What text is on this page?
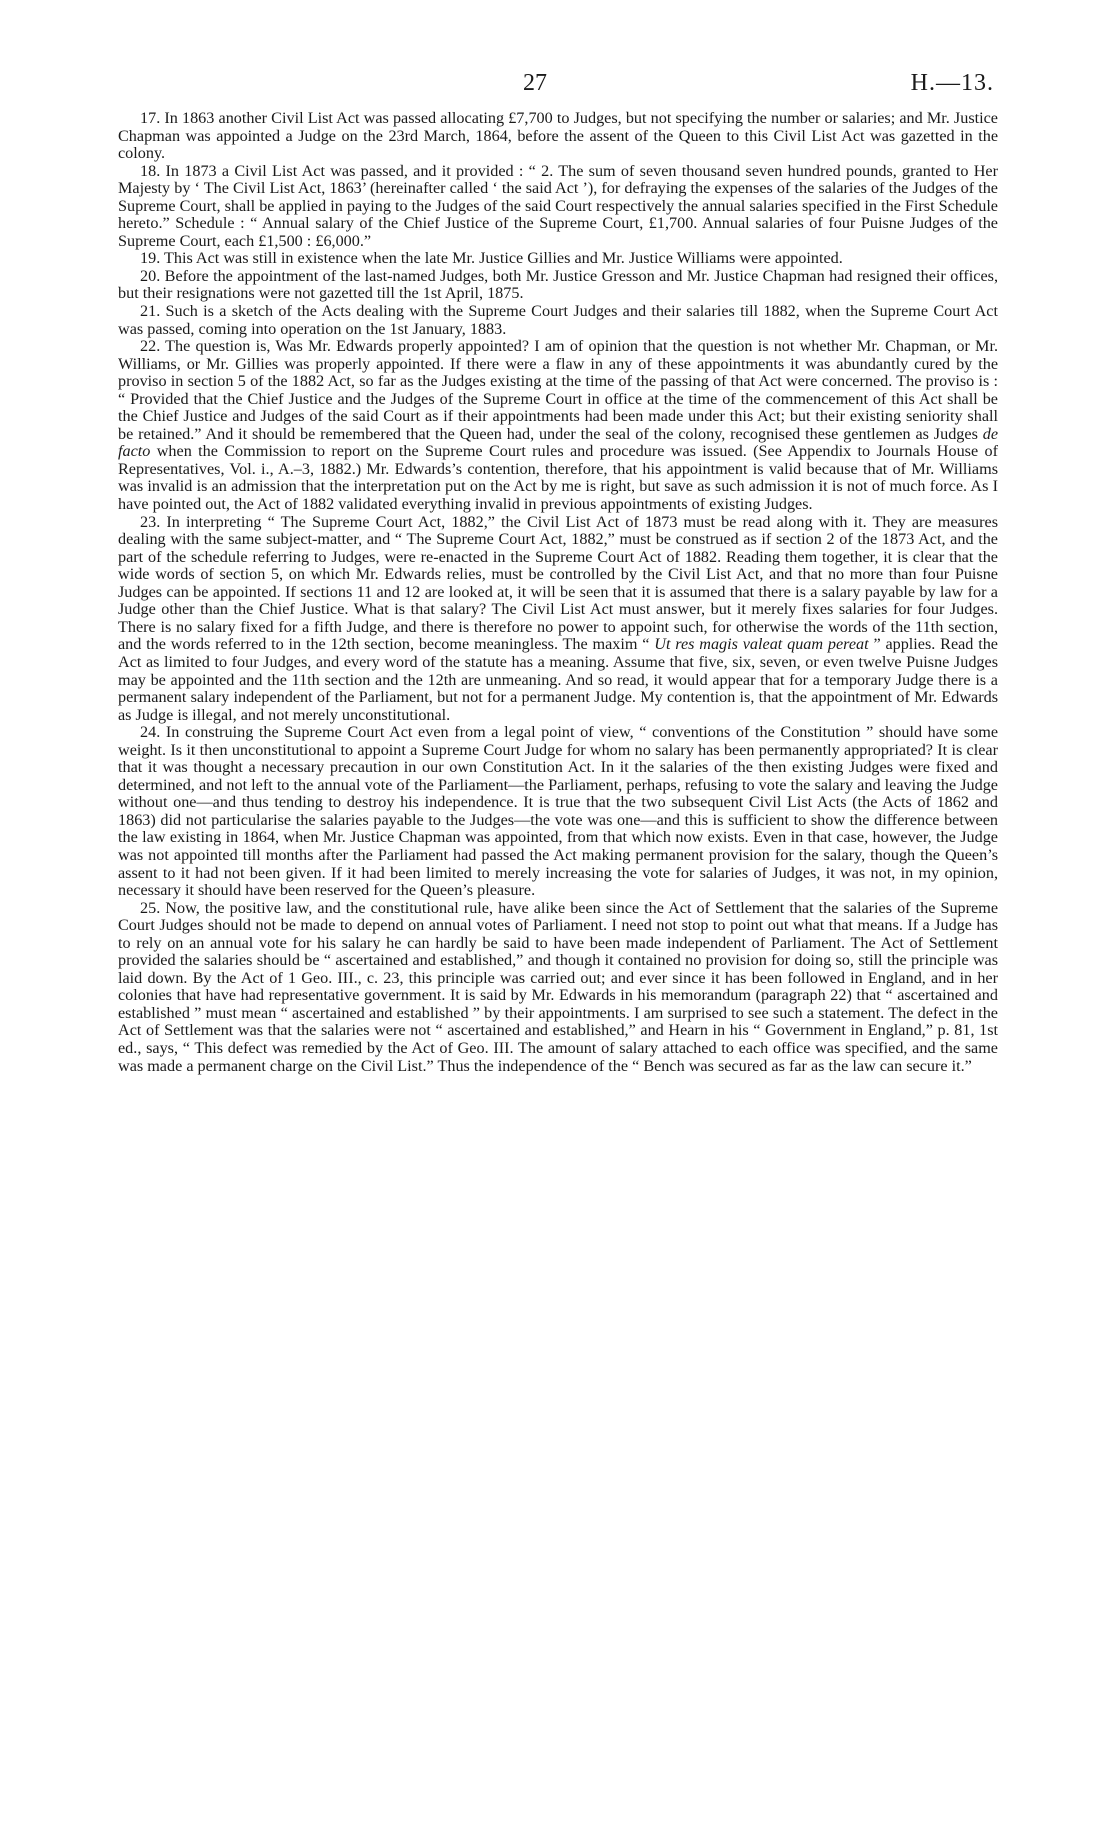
27	H.—13.

17. In 1863 another Civil List Act was passed allocating £7,700 to Judges, but not specifying the number or salaries; and Mr. Justice Chapman was appointed a Judge on the 23rd March, 1864, before the assent of the Queen to this Civil List Act was gazetted in the colony.

18. In 1873 a Civil List Act was passed, and it provided : “ 2. The sum of seven thousand seven hundred pounds, granted to Her Majesty by ‘ The Civil List Act, 1863’ (hereinafter called ‘ the said Act ’), for defraying the expenses of the salaries of the Judges of the Supreme Court, shall be applied in paying to the Judges of the said Court respectively the annual salaries specified in the First Schedule hereto.” Schedule : “ Annual salary of the Chief Justice of the Supreme Court, £1,700. Annual salaries of four Puisne Judges of the Supreme Court, each £1,500 : £6,000.”

19. This Act was still in existence when the late Mr. Justice Gillies and Mr. Justice Williams were appointed.

20. Before the appointment of the last-named Judges, both Mr. Justice Gresson and Mr. Justice Chapman had resigned their offices, but their resignations were not gazetted till the 1st April, 1875.

21. Such is a sketch of the Acts dealing with the Supreme Court Judges and their salaries till 1882, when the Supreme Court Act was passed, coming into operation on the 1st January, 1883.

22. The question is, Was Mr. Edwards properly appointed? I am of opinion that the question is not whether Mr. Chapman, or Mr. Williams, or Mr. Gillies was properly appointed. If there were a flaw in any of these appointments it was abundantly cured by the proviso in section 5 of the 1882 Act, so far as the Judges existing at the time of the passing of that Act were concerned. The proviso is : “ Provided that the Chief Justice and the Judges of the Supreme Court in office at the time of the commencement of this Act shall be the Chief Justice and Judges of the said Court as if their appointments had been made under this Act; but their existing seniority shall be retained.” And it should be remembered that the Queen had, under the seal of the colony, recognised these gentlemen as Judges de facto when the Commission to report on the Supreme Court rules and procedure was issued. (See Appendix to Journals House of Representatives, Vol. i., A.–3, 1882.) Mr. Edwards’s contention, therefore, that his appointment is valid because that of Mr. Williams was invalid is an admission that the interpretation put on the Act by me is right, but save as such admission it is not of much force. As I have pointed out, the Act of 1882 validated everything invalid in previous appointments of existing Judges.

23. In interpreting “ The Supreme Court Act, 1882,” the Civil List Act of 1873 must be read along with it. They are measures dealing with the same subject-matter, and “ The Supreme Court Act, 1882,” must be construed as if section 2 of the 1873 Act, and the part of the schedule referring to Judges, were re-enacted in the Supreme Court Act of 1882. Reading them together, it is clear that the wide words of section 5, on which Mr. Edwards relies, must be controlled by the Civil List Act, and that no more than four Puisne Judges can be appointed. If sections 11 and 12 are looked at, it will be seen that it is assumed that there is a salary payable by law for a Judge other than the Chief Justice. What is that salary? The Civil List Act must answer, but it merely fixes salaries for four Judges. There is no salary fixed for a fifth Judge, and there is therefore no power to appoint such, for otherwise the words of the 11th section, and the words referred to in the 12th section, become meaningless. The maxim “ Ut res magis valeat quam pereat ” applies. Read the Act as limited to four Judges, and every word of the statute has a meaning. Assume that five, six, seven, or even twelve Puisne Judges may be appointed and the 11th section and the 12th are unmeaning. And so read, it would appear that for a temporary Judge there is a permanent salary independent of the Parliament, but not for a permanent Judge. My contention is, that the appointment of Mr. Edwards as Judge is illegal, and not merely unconstitutional.

24. In construing the Supreme Court Act even from a legal point of view, “ conventions of the Constitution ” should have some weight. Is it then unconstitutional to appoint a Supreme Court Judge for whom no salary has been permanently appropriated? It is clear that it was thought a necessary precaution in our own Constitution Act. In it the salaries of the then existing Judges were fixed and determined, and not left to the annual vote of the Parliament—the Parliament, perhaps, refusing to vote the salary and leaving the Judge without one—and thus tending to destroy his independence. It is true that the two subsequent Civil List Acts (the Acts of 1862 and 1863) did not particularise the salaries payable to the Judges—the vote was one—and this is sufficient to show the difference between the law existing in 1864, when Mr. Justice Chapman was appointed, from that which now exists. Even in that case, however, the Judge was not appointed till months after the Parliament had passed the Act making permanent provision for the salary, though the Queen’s assent to it had not been given. If it had been limited to merely increasing the vote for salaries of Judges, it was not, in my opinion, necessary it should have been reserved for the Queen’s pleasure.

25. Now, the positive law, and the constitutional rule, have alike been since the Act of Settlement that the salaries of the Supreme Court Judges should not be made to depend on annual votes of Parliament. I need not stop to point out what that means. If a Judge has to rely on an annual vote for his salary he can hardly be said to have been made independent of Parliament. The Act of Settlement provided the salaries should be “ ascertained and established,” and though it contained no provision for doing so, still the principle was laid down. By the Act of 1 Geo. III., c. 23, this principle was carried out; and ever since it has been followed in England, and in her colonies that have had representative government. It is said by Mr. Edwards in his memorandum (paragraph 22) that “ ascertained and established ” must mean “ ascertained and established ” by their appointments. I am surprised to see such a statement. The defect in the Act of Settlement was that the salaries were not “ ascertained and established,” and Hearn in his “ Government in England,” p. 81, 1st ed., says, “ This defect was remedied by the Act of Geo. III. The amount of salary attached to each office was specified, and the same was made a permanent charge on the Civil List.” Thus the independence of the “ Bench was secured as far as the law can secure it.”
